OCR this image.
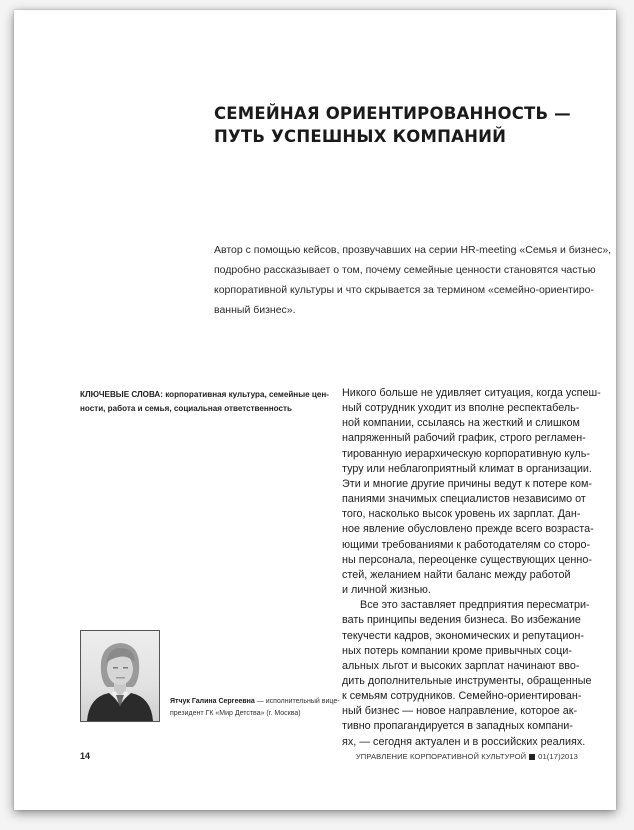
СЕМЕЙНАЯ ОРИЕНТИРОВАННОСТЬ —
ПУТЬ УСПЕШНЫХ КОМПАНИЙ
Автор с помощью кейсов, прозвучавших на серии HR-meeting «Семья и бизнес»,
подробно рассказывает о том, почему семейные ценности становятся частью
корпоративной культуры и что скрывается за термином «семейно-ориентиро-
ванный бизнес».
КЛЮЧЕВЫЕ СЛОВА: корпоративная культура, семейные цен-
ности, работа и семья, социальная ответственность
Никого больше не удивляет ситуация, когда успеш-
ный сотрудник уходит из вполне респектабель-
ной компании, ссылаясь на жесткий и слишком
напряженный рабочий график, строго регламен-
тированную иерархическую корпоративную куль-
туру или неблагоприятный климат в организации.
Эти и многие другие причины ведут к потере ком-
паниями значимых специалистов независимо от
того, насколько высок уровень их зарплат. Дан-
ное явление обусловлено прежде всего возраста-
ющими требованиями к работодателям со сторо-
ны персонала, переоценке существующих ценно-
стей, желанием найти баланс между работой
и личной жизнью.
Все это заставляет предприятия пересматри-
вать принципы ведения бизнеса. Во избежание
текучести кадров, экономических и репутацион-
ных потерь компании кроме привычных соци-
альных льгот и высоких зарплат начинают вво-
дить дополнительные инструменты, обращенные
к семьям сотрудников. Семейно-ориентирован-
ный бизнес — новое направление, которое ак-
тивно пропагандируется в западных компани-
ях, — сегодня актуален и в российских реалиях.
Ятчук Галина Сергеевна — исполнительный вице-
президент ГК «Мир Детства» (г. Москва)
14	УПРАВЛЕНИЕ КОРПОРАТИВНОЙ КУЛЬТУРОЙ 01(17)2013
